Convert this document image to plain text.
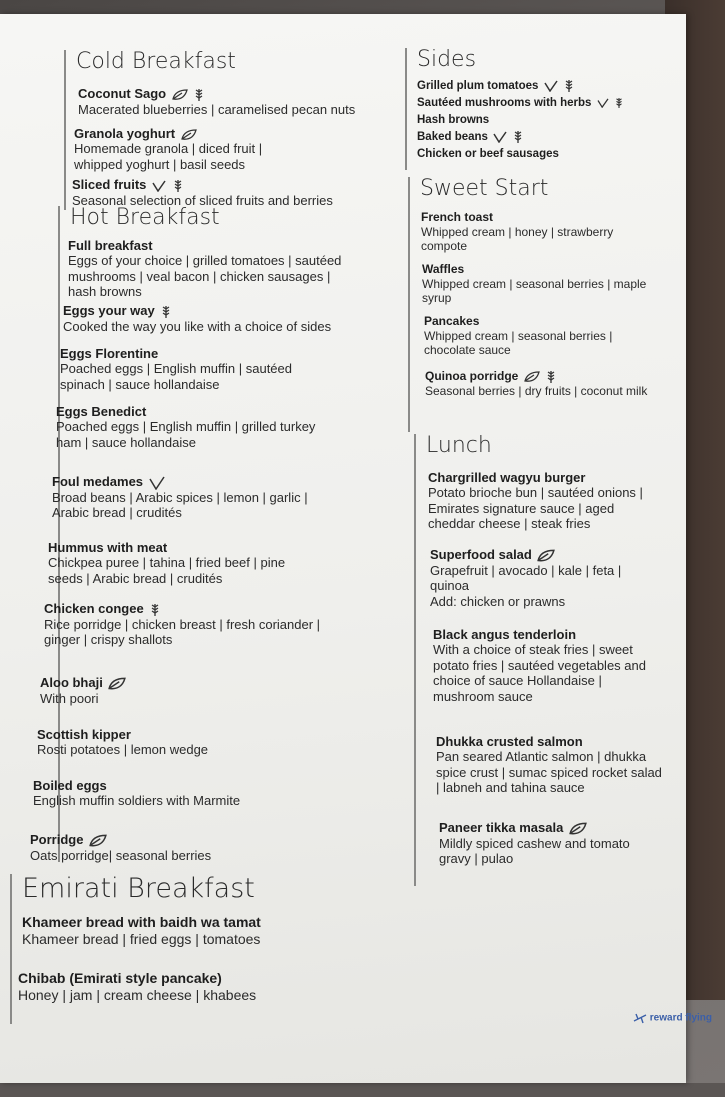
Cold Breakfast
Coconut Sago
Macerated blueberries | caramelised pecan nuts
Granola yoghurt
Homemade granola | diced fruit | whipped yoghurt | basil seeds
Sliced fruits
Seasonal selection of sliced fruits and berries
Hot Breakfast
Full breakfast
Eggs of your choice | grilled tomatoes | sautéed mushrooms | veal bacon | chicken sausages | hash browns
Eggs your way
Cooked the way you like with a choice of sides
Eggs Florentine
Poached eggs | English muffin | sautéed spinach | sauce hollandaise
Eggs Benedict
Poached eggs | English muffin | grilled turkey ham | sauce hollandaise
Foul medames
Broad beans | Arabic spices | lemon | garlic | Arabic bread | crudités
Hummus with meat
Chickpea puree | tahina | fried beef | pine seeds | Arabic bread | crudités
Chicken congee
Rice porridge | chicken breast | fresh coriander | ginger | crispy shallots
Aloo bhaji
With poori
Scottish kipper
Rosti potatoes | lemon wedge
Boiled eggs
English muffin soldiers with Marmite
Porridge
Oats porridge| seasonal berries
Emirati Breakfast
Khameer bread with baidh wa tamat
Khameer bread | fried eggs | tomatoes
Chibab (Emirati style pancake)
Honey | jam | cream cheese | khabees
Sides
Grilled plum tomatoes
Sautéed mushrooms with herbs
Hash browns
Baked beans
Chicken or beef sausages
Sweet Start
French toast
Whipped cream | honey | strawberry compote
Waffles
Whipped cream | seasonal berries | maple syrup
Pancakes
Whipped cream | seasonal berries | chocolate sauce
Quinoa porridge
Seasonal berries | dry fruits | coconut milk
Lunch
Chargrilled wagyu burger
Potato brioche bun | sautéed onions | Emirates signature sauce | aged cheddar cheese | steak fries
Superfood salad
Grapefruit | avocado | kale | feta | quinoa
Add: chicken or prawns
Black angus tenderloin
With a choice of steak fries | sweet potato fries | sautéed vegetables and choice of sauce Hollandaise | mushroom sauce
Dhukka crusted salmon
Pan seared Atlantic salmon | dhukka spice crust | sumac spiced rocket salad | labneh and tahina sauce
Paneer tikka masala
Mildly spiced cashew and tomato gravy | pulao
reward flying
